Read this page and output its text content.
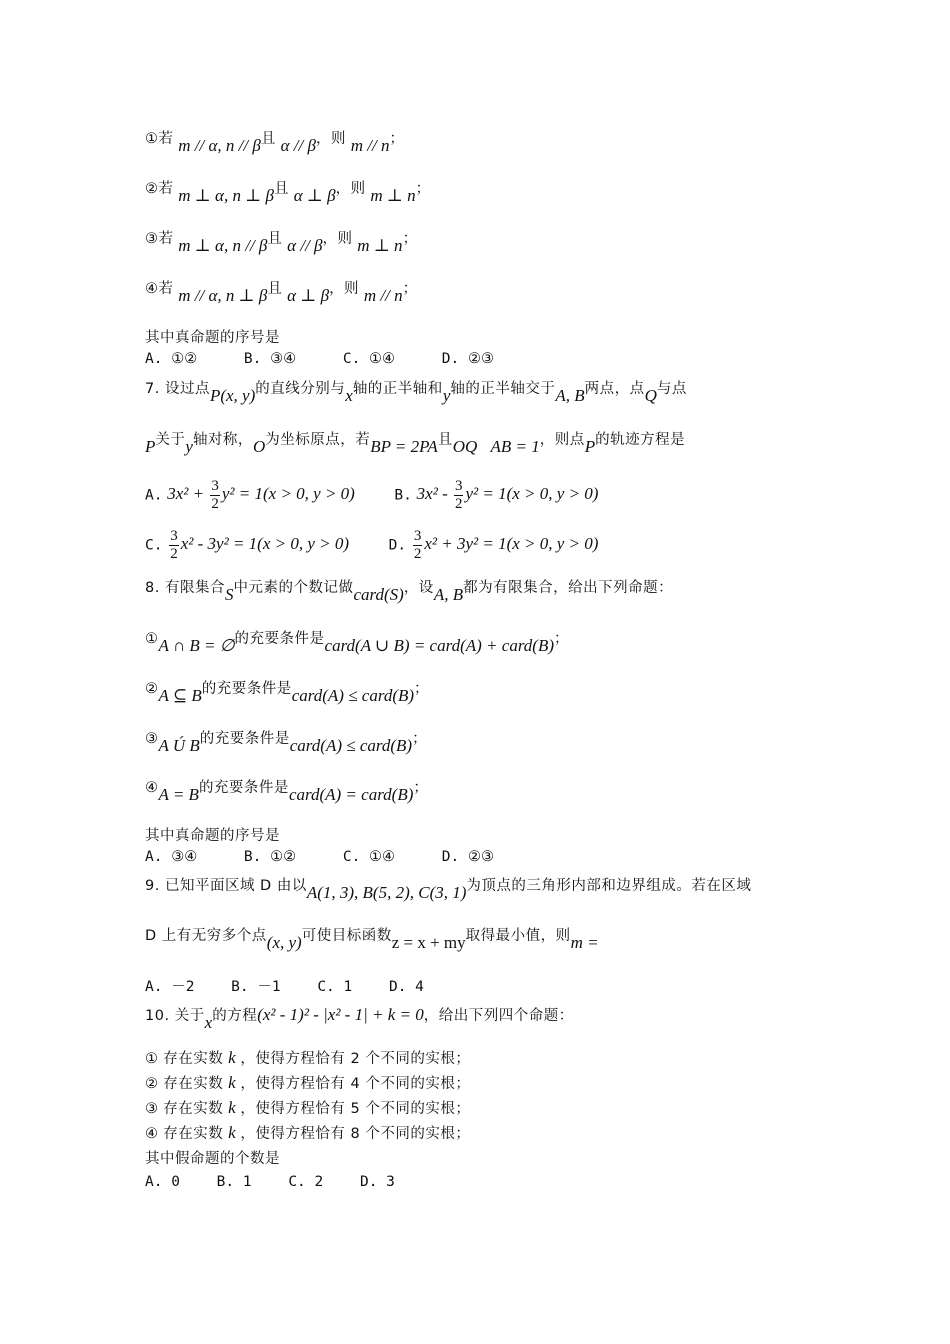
①若 m // α, n // β且 α // β，则 m // n；
②若 m ⊥ α, n ⊥ β且 α ⊥ β，则 m ⊥ n；
③若 m ⊥ α, n // β且 α // β，则 m ⊥ n；
④若 m // α, n ⊥ β且 α ⊥ β，则 m // n；
其中真命题的序号是
A. ①②	B. ③④	C. ①④	D. ②③
7. 设过点P(x, y)的直线分别与x轴的正半轴和y轴的正半轴交于A, B两点，点Q与点
P关于y轴对称，O为坐标原点，若BP = 2PA且OQ⃞AB = 1，则点P的轨迹方程是
A. $3x^2 + \frac{3}{2} y^2 = 1(x > 0$, y > 0)	B. $3x^2 - \frac{3}{2} y^2 = 1(x > 0$, y > 0)
C. $\frac{3}{2} x^2 - 3y^2 = 1(x > 0$, y > 0)	D. $\frac{3}{2} x^2 + 3y^2 = 1(x > 0$, y > 0)
8. 有限集合S中元素的个数记做card(S)，设A, B都为有限集合，给出下列命题：
①A ∩ B = ∅的充要条件是card(A ∪ B) = card(A) + card(B)；
②A ⊆ B的充要条件是card(A) ≤ card(B)；
③A Ú B的充要条件是card(A) ≤ card(B)；
④A = B的充要条件是card(A) = card(B)；
其中真命题的序号是
A. ③④	B. ①②	C. ①④	D. ②③
9. 已知平面区域 D 由以A(1, 3), B(5, 2), C(3, 1)为顶点的三角形内部和边界组成。若在区域
D 上有无穷多个点(x, y)可使目标函数z = x + my取得最小值，则m =
A. －2	B. －1	C. 1	D. 4
10. 关于x的方程(x² - 1)² - |x² - 1| + k = 0，给出下列四个命题：
① 存在实数 k ，使得方程恰有 2 个不同的实根；
② 存在实数 k ，使得方程恰有 4 个不同的实根；
③ 存在实数 k ，使得方程恰有 5 个不同的实根；
④ 存在实数 k ，使得方程恰有 8 个不同的实根；
其中假命题的个数是
A. 0	B. 1	C. 2	D. 3
